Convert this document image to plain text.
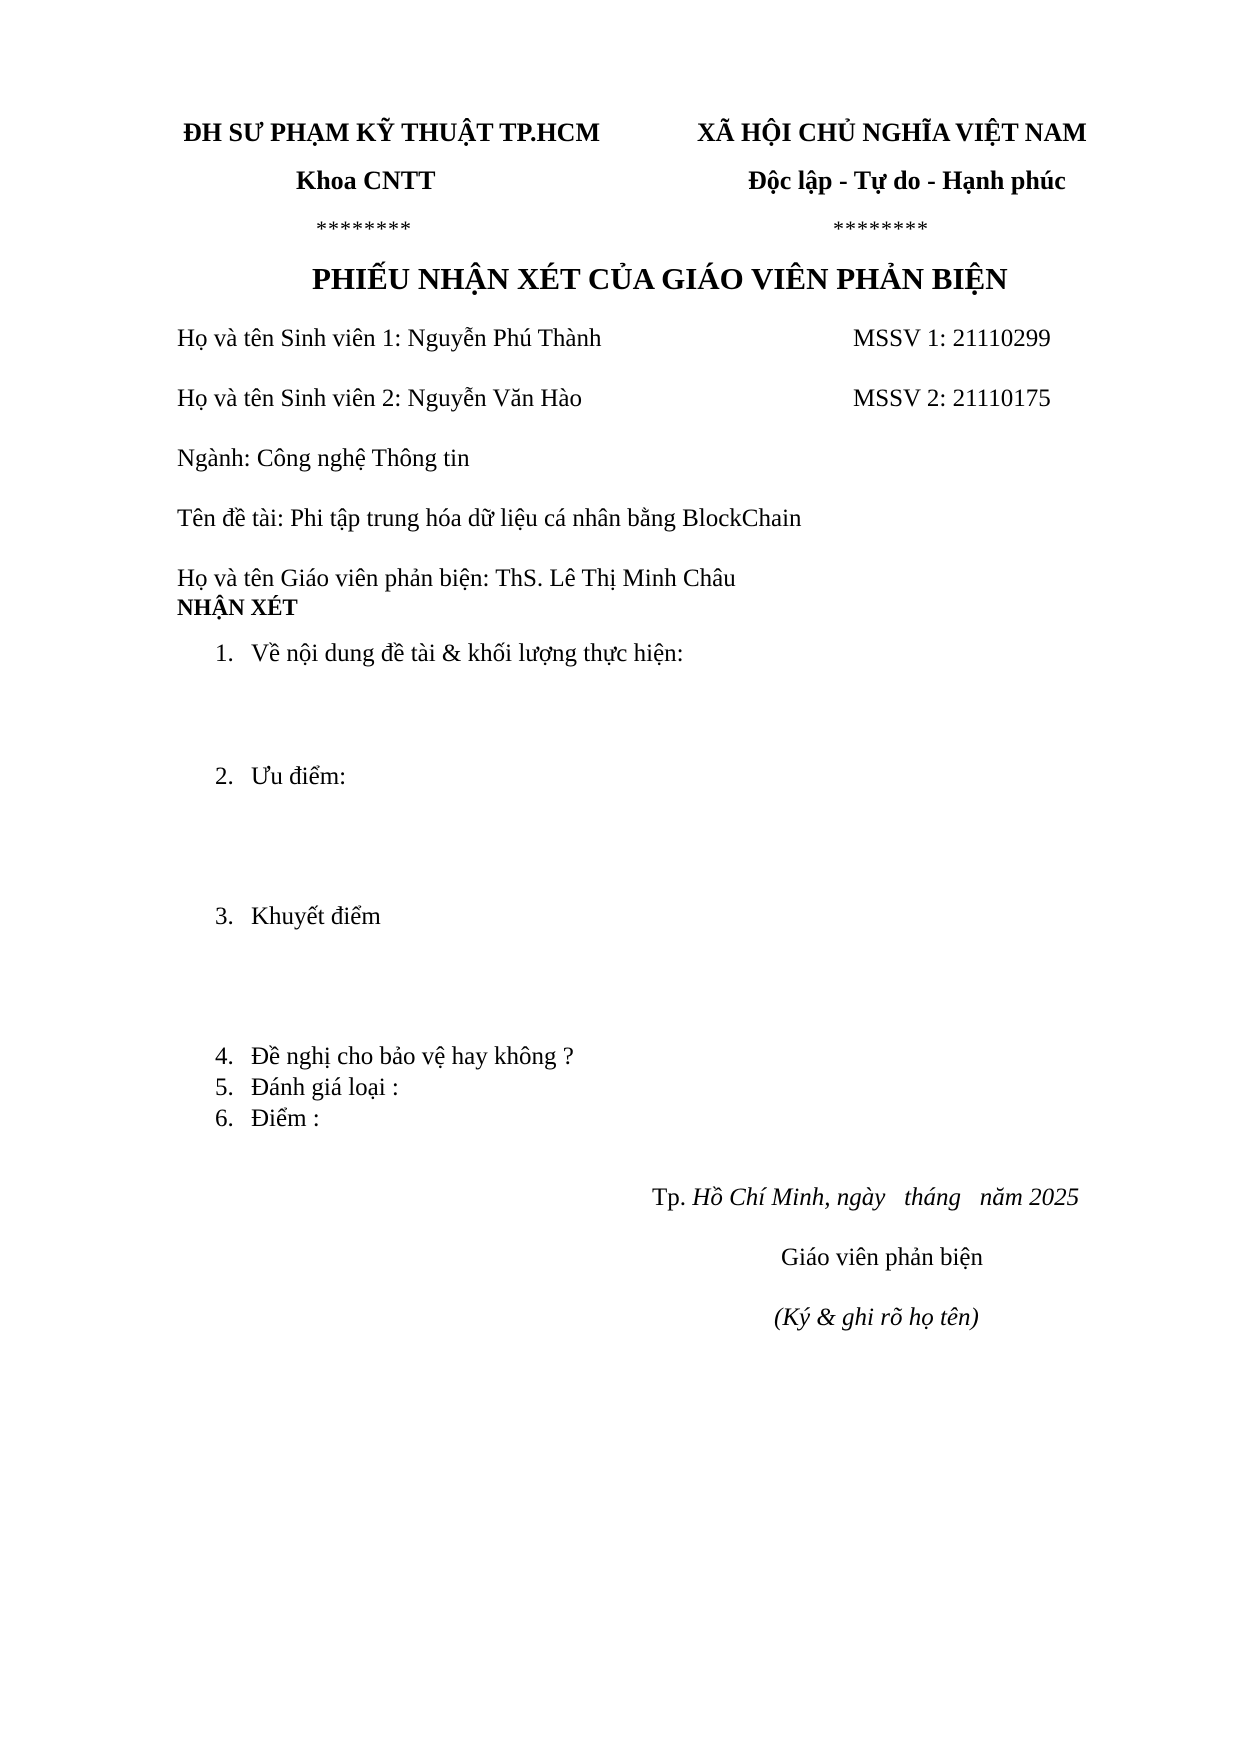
ĐH SƯ PHẠM KỸ THUẬT TP.HCM
Khoa CNTT
********
XÃ HỘI CHỦ NGHĨA VIỆT NAM
Độc lập - Tự do - Hạnh phúc
********
PHIẾU NHẬN XÉT CỦA GIÁO VIÊN PHẢN BIỆN
Họ và tên Sinh viên 1: Nguyễn Phú Thành	MSSV 1: 21110299
Họ và tên Sinh viên 2: Nguyễn Văn Hào	MSSV 2: 21110175
Ngành: Công nghệ Thông tin
Tên đề tài: Phi tập trung hóa dữ liệu cá nhân bằng BlockChain
Họ và tên Giáo viên phản biện: ThS. Lê Thị Minh Châu
NHẬN XÉT
1. Về nội dung đề tài & khối lượng thực hiện:
2. Ưu điểm:
3. Khuyết điểm
4. Đề nghị cho bảo vệ hay không ?
5. Đánh giá loại :
6. Điểm :
Tp. Hồ Chí Minh, ngày   tháng   năm 2025
Giáo viên phản biện
(Ký & ghi rõ họ tên)
